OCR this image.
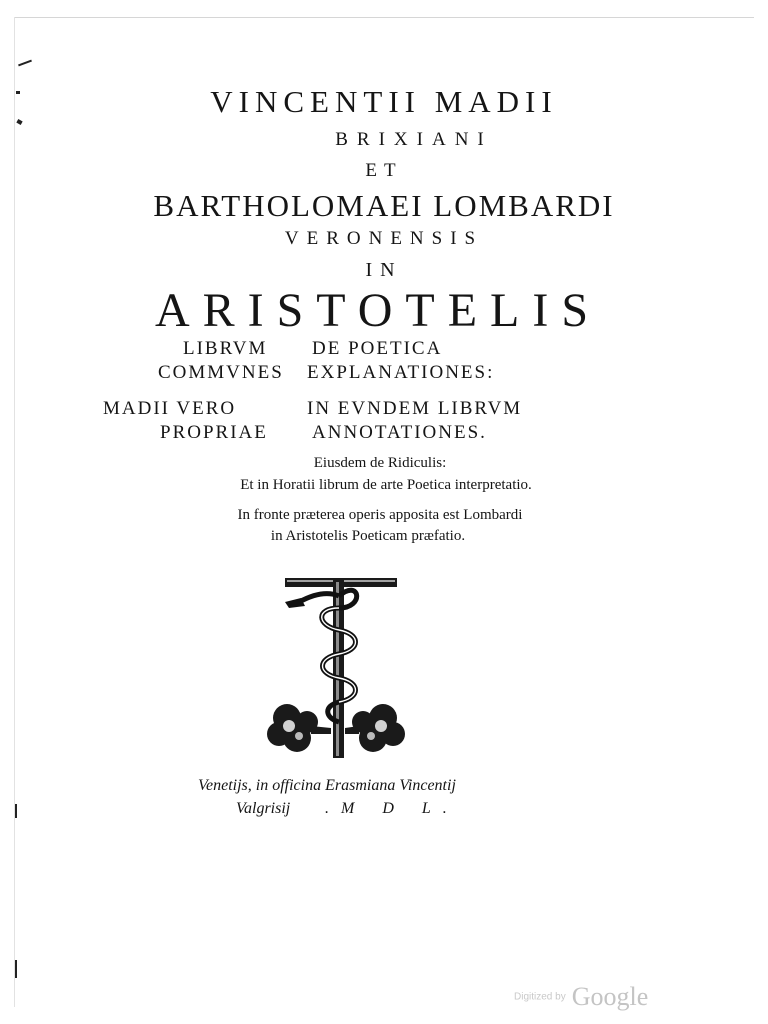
VINCENTII MADII
BRIXIANI
ET
BARTHOLOMAEI LOMBARDI
VERONENSIS
IN
ARISTOTELIS
LIBRVM DE POETICA
COMMVNES EXPLANATIONES:
MADII VERO	IN EVNDEM LIBRVM
PROPRIAE ANNOTATIONES.
Eiusdem de Ridiculis:
Et in Horatii librum de arte Poetica interpretatio.
In fronte præterea operis apposita est Lombardi
in Aristotelis Poeticam præfatio.
Venetijs, in officina Erasmiana Vincentij
Valgrisij .M D L.
Digitized by Google
